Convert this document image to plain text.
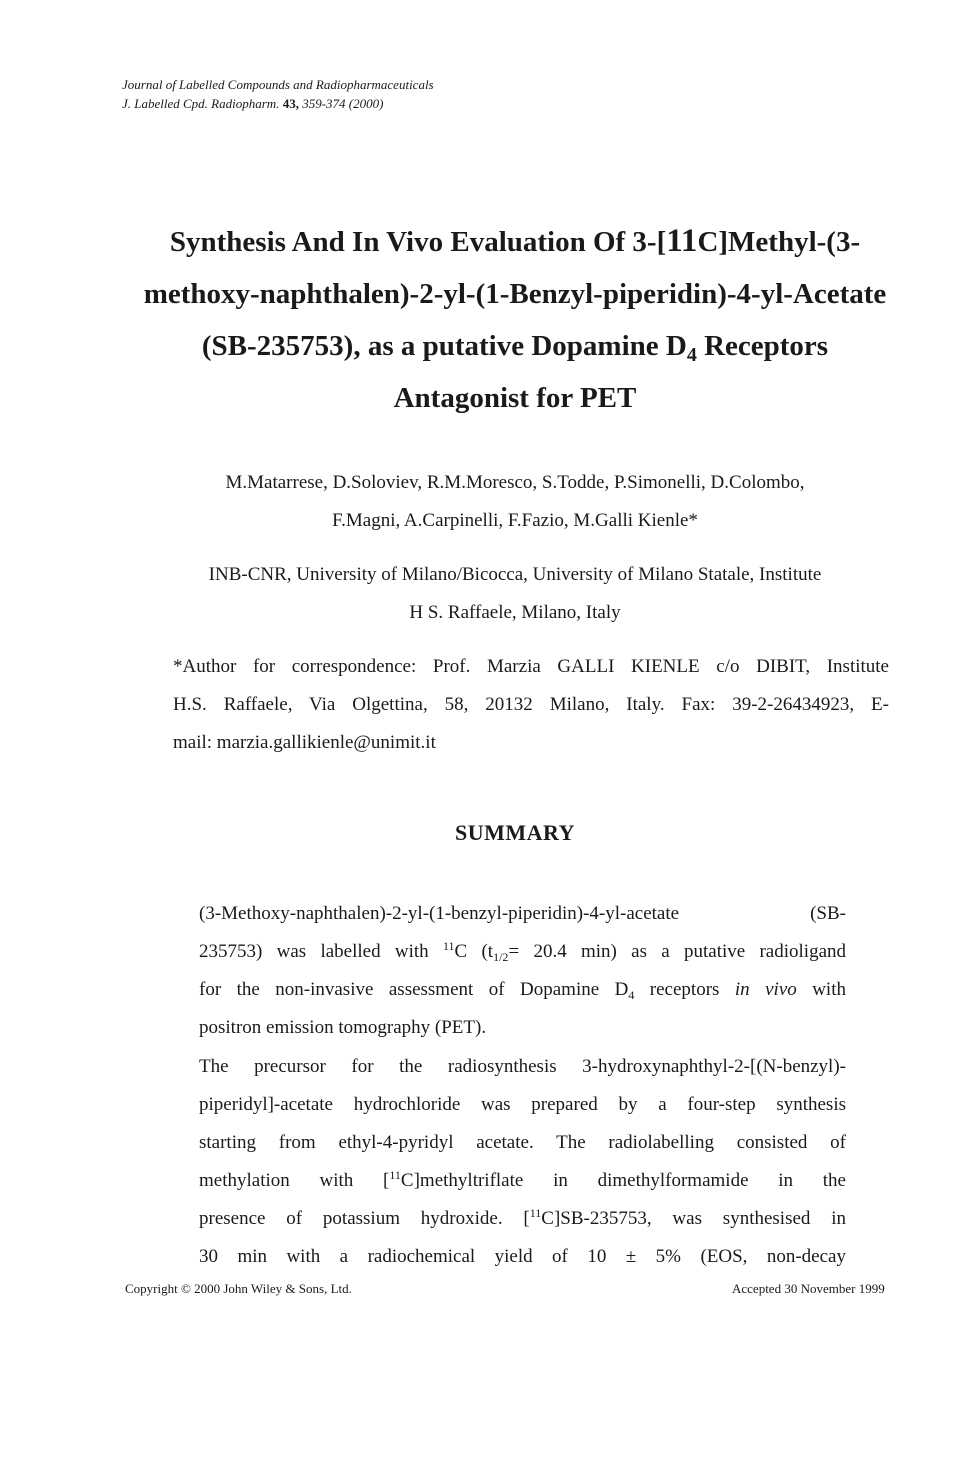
Journal of Labelled Compounds and Radiopharmaceuticals
J. Labelled Cpd. Radiopharm. 43, 359-374 (2000)
Synthesis And In Vivo Evaluation Of 3-[11C]Methyl-(3-
methoxy-naphthalen)-2-yl-(1-Benzyl-piperidin)-4-yl-Acetate
(SB-235753), as a putative Dopamine $D_4$ Receptors
Antagonist for PET
M.Matarrese, D.Soloviev, R.M.Moresco, S.Todde, P.Simonelli, D.Colombo,
F.Magni, A.Carpinelli, F.Fazio, M.Galli Kienle*
INB-CNR, University of Milano/Bicocca, University of Milano Statale, Institute
H S. Raffaele, Milano, Italy
*Author for correspondence: Prof. Marzia GALLI KIENLE c/o DIBIT, Institute
H.S. Raffaele, Via Olgettina, 58, 20132 Milano, Italy. Fax: 39-2-26434923, E-
mail: marzia.gallikienle@unimit.it
SUMMARY
(3-Methoxy-naphthalen)-2-yl-(1-benzyl-piperidin)-4-yl-acetate   	(SB-
235753) was labelled with $^{11}$C ($t_{1/2}= 20.4$ min) as a putative radioligand
for the non-invasive assessment of Dopamine $D_4$ receptors in vivo with
positron emission tomography (PET).
The precursor for the radiosynthesis 3-hydroxynaphthyl-2-[(N-benzyl)-
piperidyl]-acetate hydrochloride was prepared by a four-step synthesis
starting from ethyl-4-pyridyl acetate. The radiolabelling consisted of
methylation with [$^{11}$C]methyltriflate in dimethylformamide in the
presence of potassium hydroxide. [$^{11}$C]SB-235753, was synthesised in
30 min with a radiochemical yield of 10 ± 5% (EOS, non-decay
Copyright © 2000 John Wiley & Sons, Ltd.	Accepted 30 November 1999
